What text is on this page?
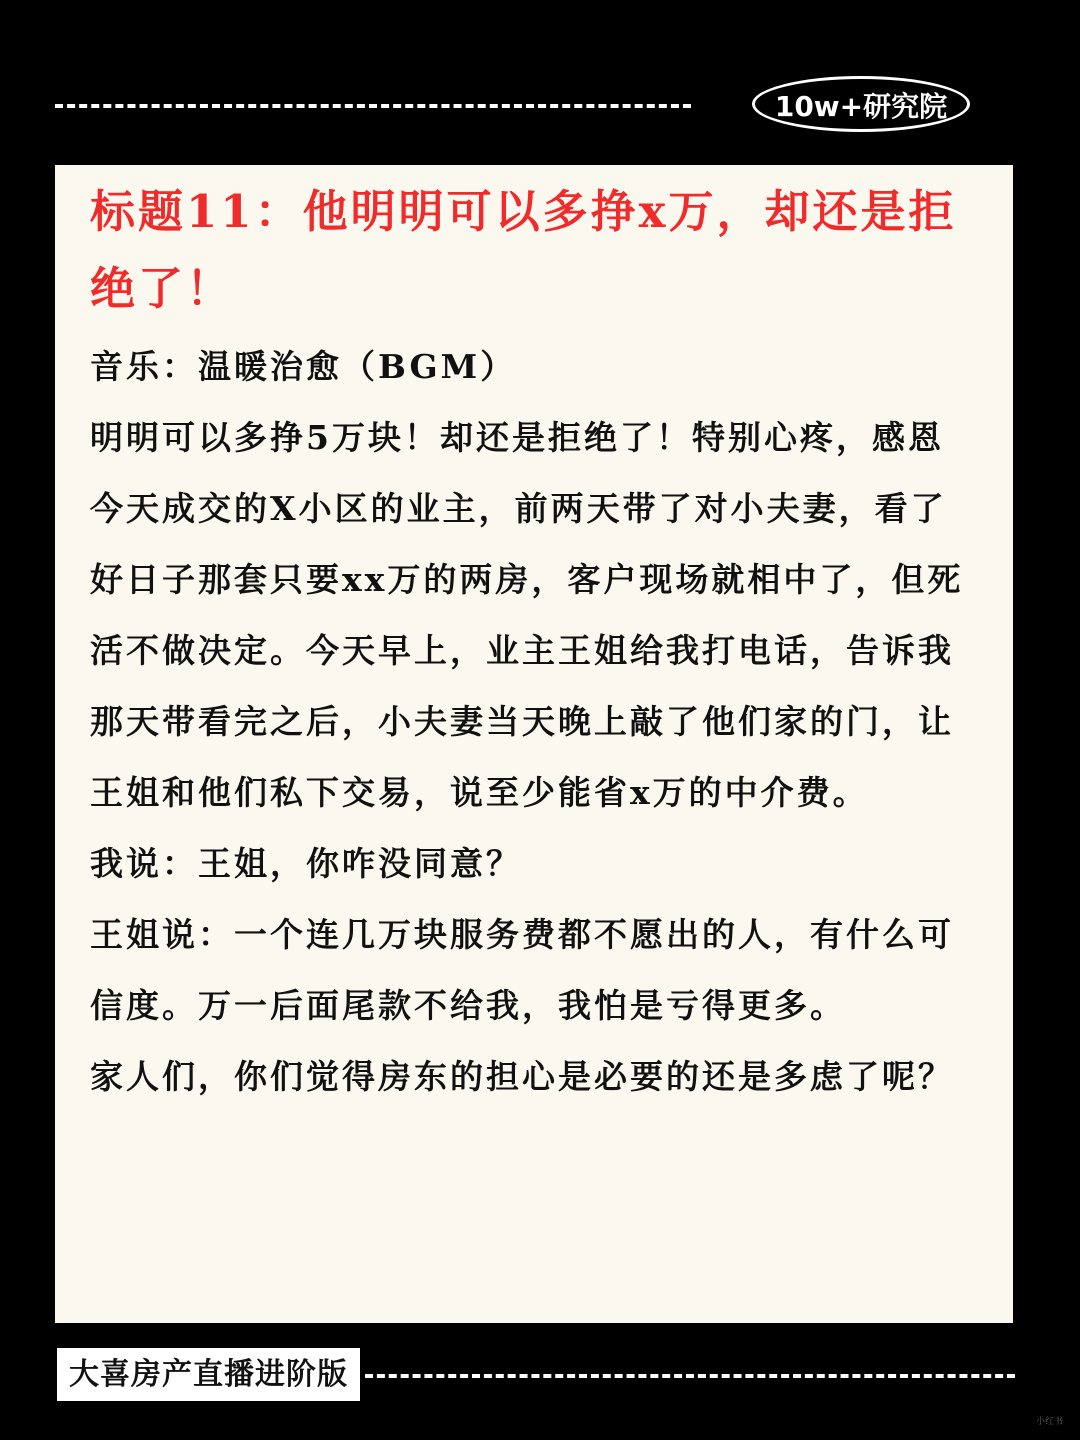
10w+研究院
标题11：他明明可以多挣x万，却还是拒绝了！

音乐：温暖治愈（BGM）

明明可以多挣5万块！却还是拒绝了！特别心疼，感恩今天成交的X小区的业主，前两天带了对小夫妻，看了好日子那套只要xx万的两房，客户现场就相中了，但死活不做决定。今天早上，业主王姐给我打电话，告诉我那天带看完之后，小夫妻当天晚上敲了他们家的门，让王姐和他们私下交易，说至少能省x万的中介费。

我说：王姐，你咋没同意？

王姐说：一个连几万块服务费都不愿出的人，有什么可信度。万一后面尾款不给我，我怕是亏得更多。

家人们，你们觉得房东的担心是必要的还是多虑了呢？

大喜房产直播进阶版
小红书
